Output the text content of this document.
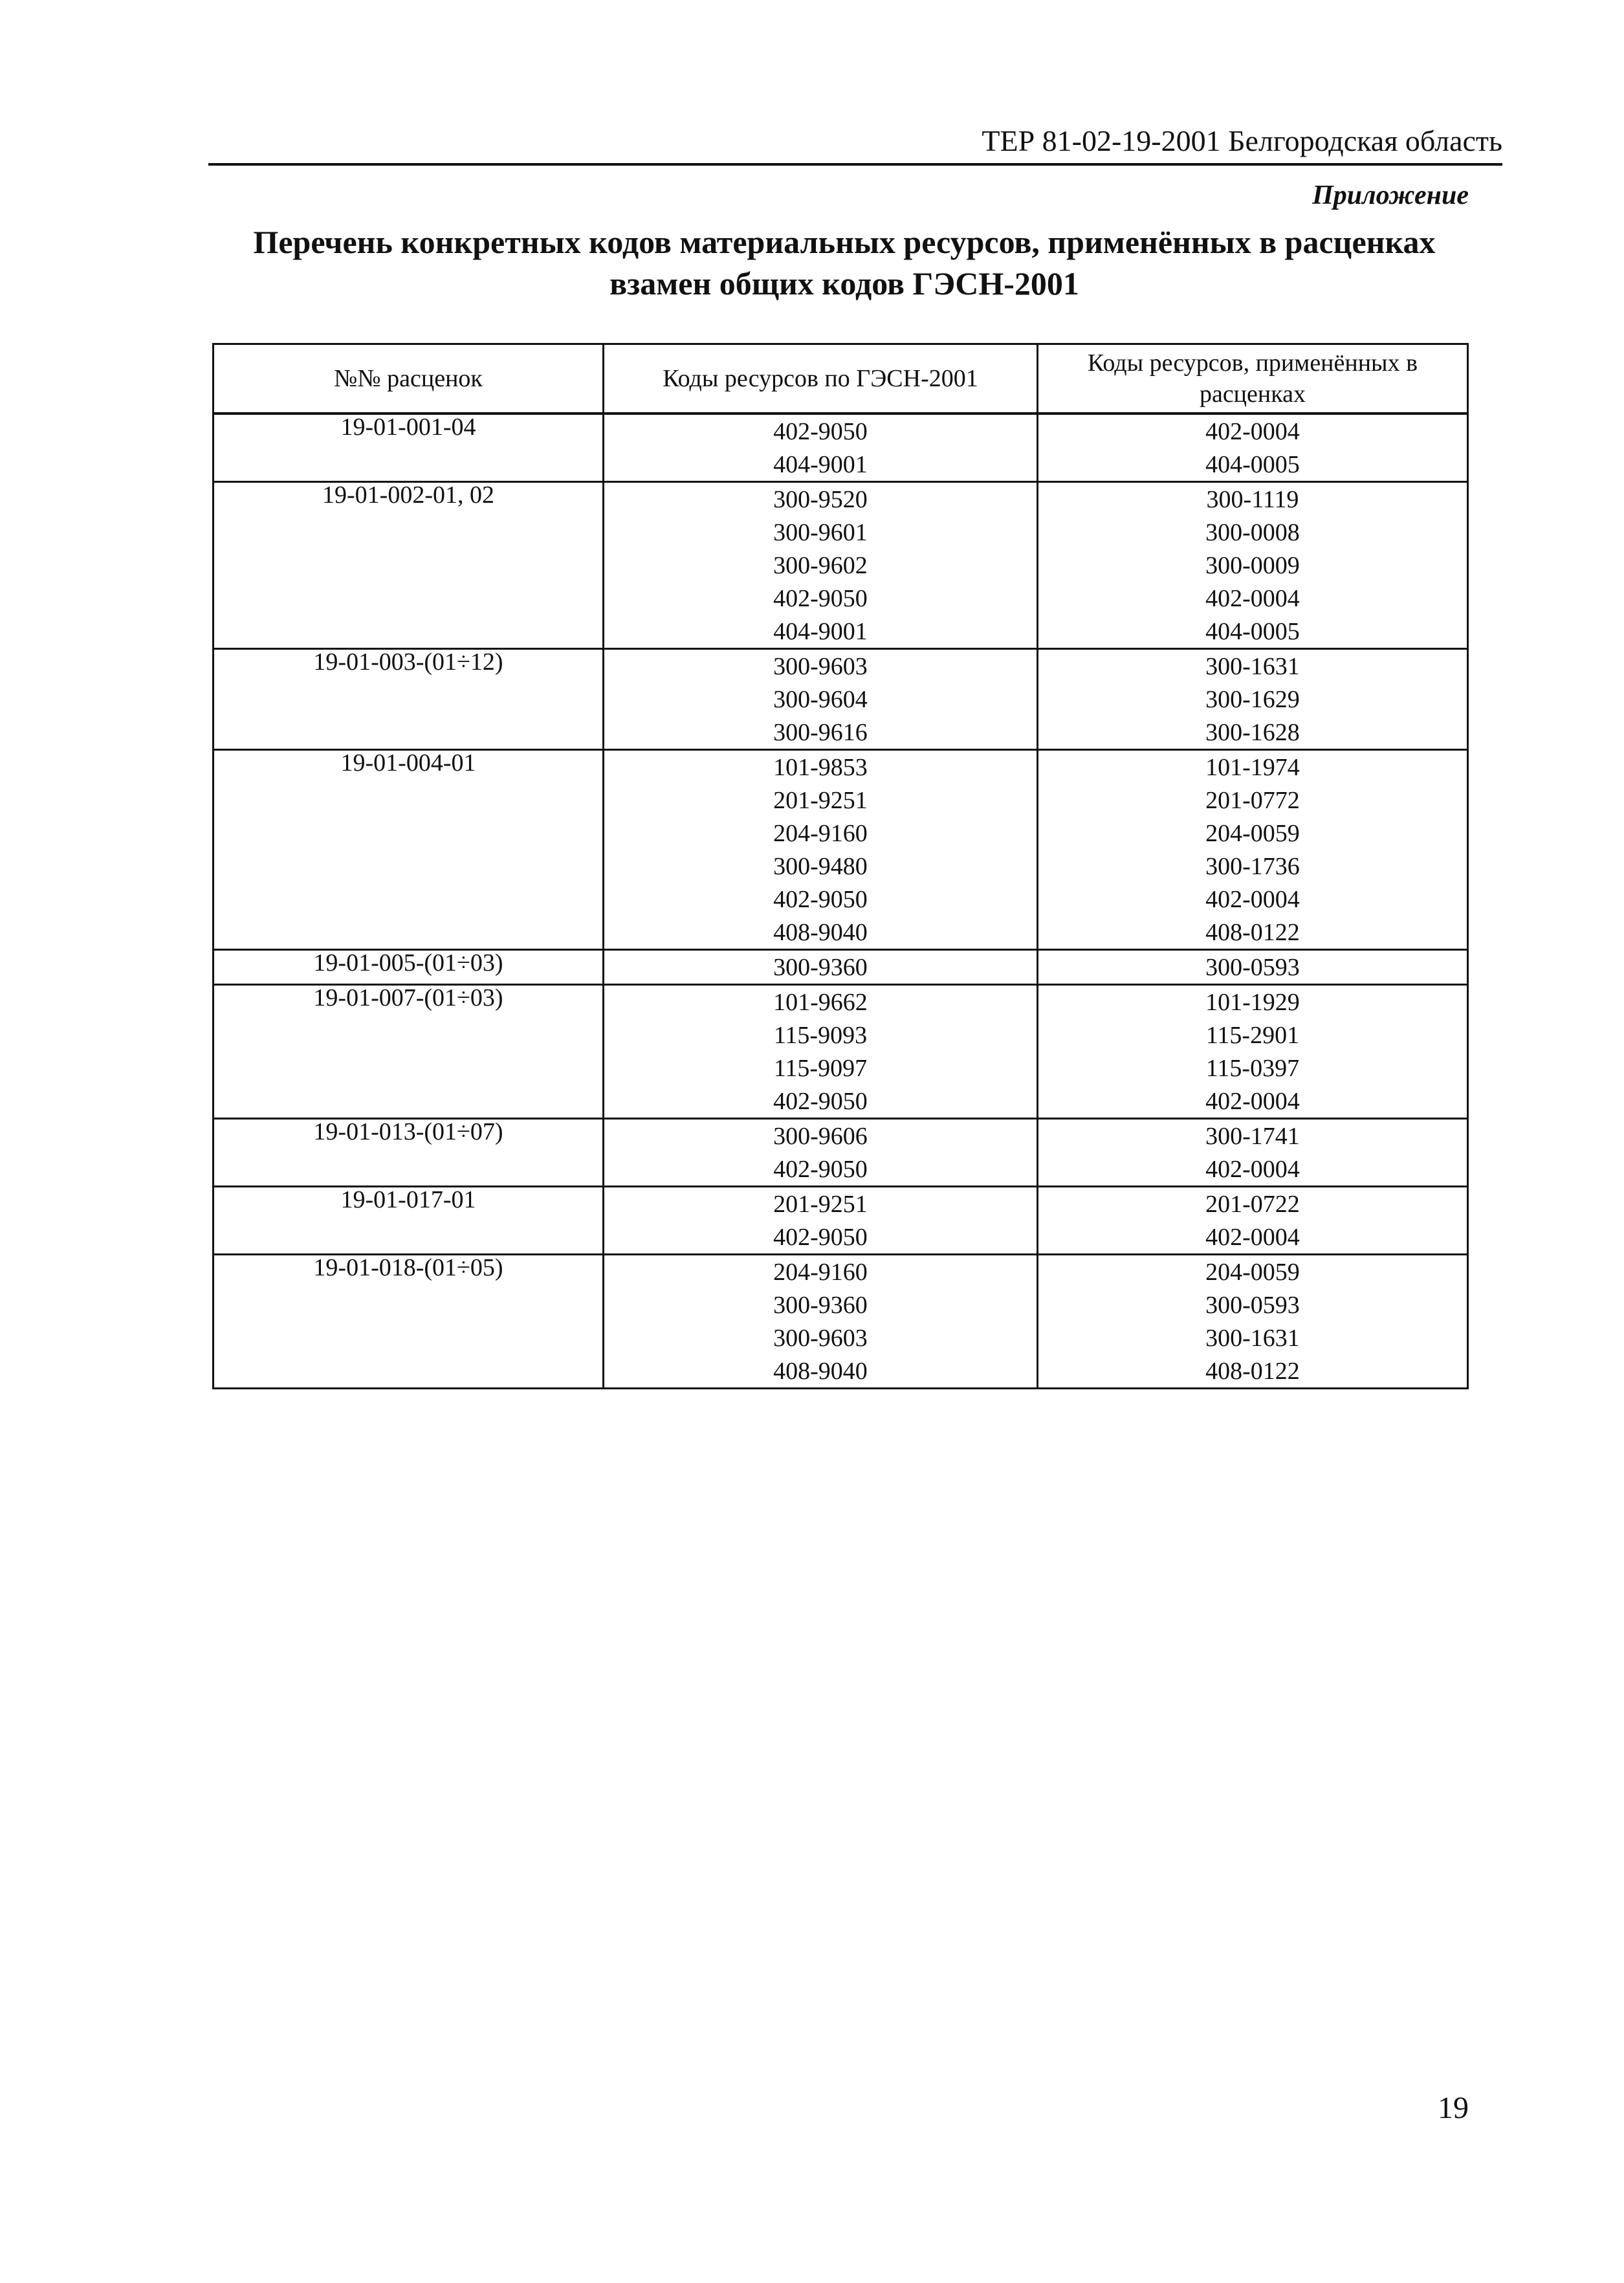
ТЕР 81-02-19-2001 Белгородская область
Приложение
Перечень конкретных кодов материальных ресурсов, применённых в расценках
взамен общих кодов ГЭСН-2001
№№ расценок	Коды ресурсов по ГЭСН-2001	Коды ресурсов, применённых в расценках
19-01-001-04	402-9050	402-0004
	404-9001	404-0005
19-01-002-01, 02	300-9520	300-1119
	300-9601	300-0008
	300-9602	300-0009
	402-9050	402-0004
	404-9001	404-0005
19-01-003-(01÷12)	300-9603	300-1631
	300-9604	300-1629
	300-9616	300-1628
19-01-004-01	101-9853	101-1974
	201-9251	201-0772
	204-9160	204-0059
	300-9480	300-1736
	402-9050	402-0004
	408-9040	408-0122
19-01-005-(01÷03)	300-9360	300-0593
19-01-007-(01÷03)	101-9662	101-1929
	115-9093	115-2901
	115-9097	115-0397
	402-9050	402-0004
19-01-013-(01÷07)	300-9606	300-1741
	402-9050	402-0004
19-01-017-01	201-9251	201-0722
	402-9050	402-0004
19-01-018-(01÷05)	204-9160	204-0059
	300-9360	300-0593
	300-9603	300-1631
	408-9040	408-0122
19
